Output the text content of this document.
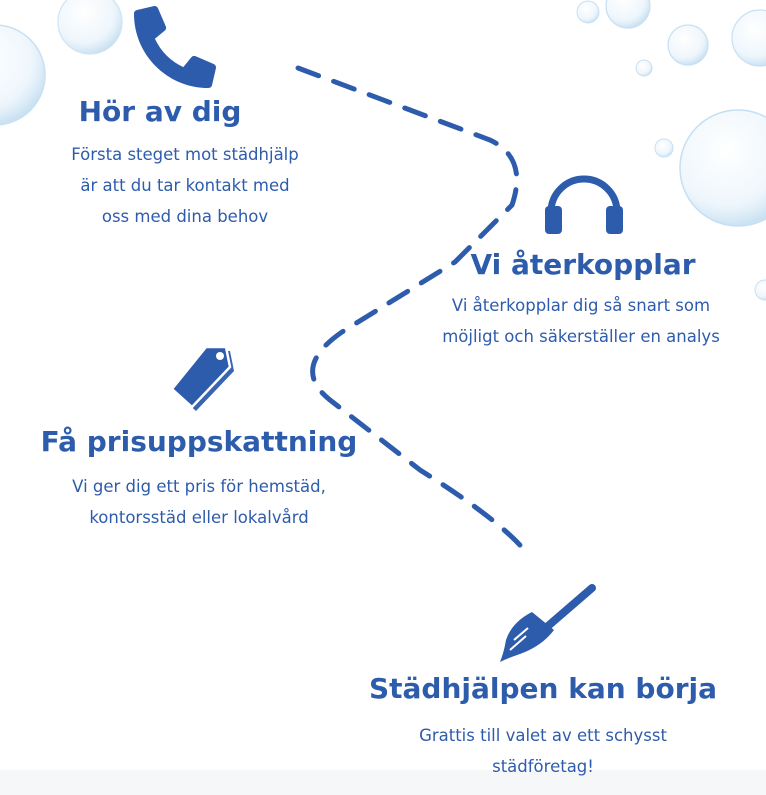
Hör av dig
Första steget mot städhjälp
är att du tar kontakt med
oss med dina behov
Vi återkopplar
Vi återkopplar dig så snart som
möjligt och säkerställer en analys
Få prisuppskattning
Vi ger dig ett pris för hemstäd,
kontorsstäd eller lokalvård
Städhjälpen kan börja
Grattis till valet av ett schysst
städföretag!
